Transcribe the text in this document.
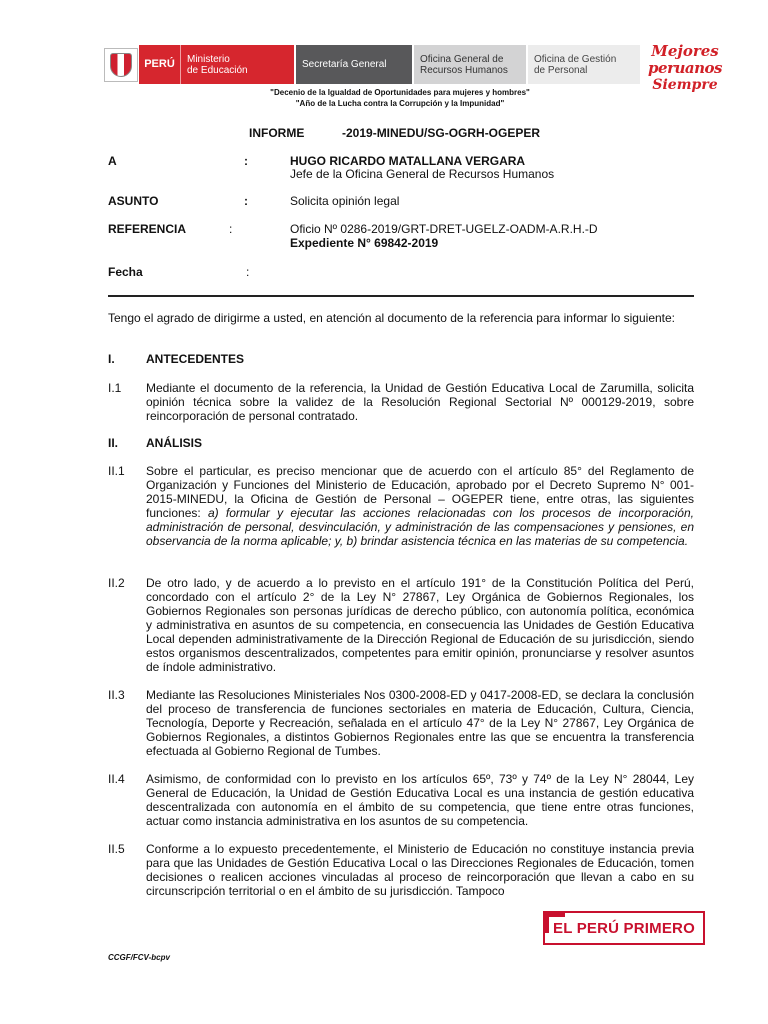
PERÚ	Ministerio
de Educación	Secretaría General	Oficina General de
Recursos Humanos
Oficina de Gestión
de Personal
Mejores
peruanos
Siempre
"Decenio de la Igualdad de Oportunidades para mujeres y hombres"
"Año de la Lucha contra la Corrupción y la Impunidad"
INFORME	-2019-MINEDU/SG-OGRH-OGEPER
A	:	HUGO RICARDO MATALLANA VERGARA
Jefe de la Oficina General de Recursos Humanos
ASUNTO	:	Solicita opinión legal
REFERENCIA	:	Oficio Nº 0286-2019/GRT-DRET-UGELZ-OADM-A.R.H.-D
Expediente N° 69842-2019
Fecha	:
Tengo el agrado de dirigirme a usted, en atención al documento de la referencia para informar lo siguiente:
I.	ANTECEDENTES
I.1 Mediante el documento de la referencia, la Unidad de Gestión Educativa Local de Zarumilla, solicita opinión técnica sobre la validez de la Resolución Regional Sectorial Nº 000129-2019, sobre reincorporación de personal contratado.
II. ANÁLISIS
II.1 Sobre el particular, es preciso mencionar que de acuerdo con el artículo 85° del Reglamento de Organización y Funciones del Ministerio de Educación, aprobado por el Decreto Supremo N° 001-2015-MINEDU, la Oficina de Gestión de Personal – OGEPER tiene, entre otras, las siguientes funciones: a) formular y ejecutar las acciones relacionadas con los procesos de incorporación, administración de personal, desvinculación, y administración de las compensaciones y pensiones, en observancia de la norma aplicable; y, b) brindar asistencia técnica en las materias de su competencia.
II.2 De otro lado, y de acuerdo a lo previsto en el artículo 191° de la Constitución Política del Perú, concordado con el artículo 2° de la Ley N° 27867, Ley Orgánica de Gobiernos Regionales, los Gobiernos Regionales son personas jurídicas de derecho público, con autonomía política, económica y administrativa en asuntos de su competencia, en consecuencia las Unidades de Gestión Educativa Local dependen administrativamente de la Dirección Regional de Educación de su jurisdicción, siendo estos organismos descentralizados, competentes para emitir opinión, pronunciarse y resolver asuntos de índole administrativo.
II.3 Mediante las Resoluciones Ministeriales Nos 0300-2008-ED y 0417-2008-ED, se declara la conclusión del proceso de transferencia de funciones sectoriales en materia de Educación, Cultura, Ciencia, Tecnología, Deporte y Recreación, señalada en el artículo 47° de la Ley N° 27867, Ley Orgánica de Gobiernos Regionales, a distintos Gobiernos Regionales entre las que se encuentra la transferencia efectuada al Gobierno Regional de Tumbes.
II.4 Asimismo, de conformidad con lo previsto en los artículos 65º, 73º y 74º de la Ley N° 28044, Ley General de Educación, la Unidad de Gestión Educativa Local es una instancia de gestión educativa descentralizada con autonomía en el ámbito de su competencia, que tiene entre otras funciones, actuar como instancia administrativa en los asuntos de su competencia.
II.5 Conforme a lo expuesto precedentemente, el Ministerio de Educación no constituye instancia previa para que las Unidades de Gestión Educativa Local o las Direcciones Regionales de Educación, tomen decisiones o realicen acciones vinculadas al proceso de reincorporación que llevan a cabo en su circunscripción territorial o en el ámbito de su jurisdicción. Tampoco
EL PERÚ PRIMERO
CCGF/FCV-bcpv
